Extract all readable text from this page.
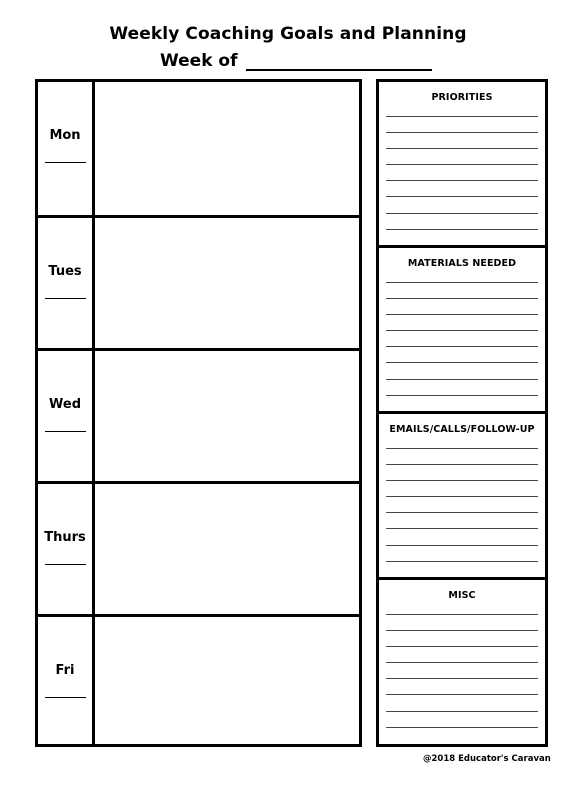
Weekly Coaching Goals and Planning
Week of
Mon
Tues
Wed
Thurs
Fri
PRIORITIES
MATERIALS NEEDED
EMAILS/CALLS/FOLLOW-UP
MISC
@2018 Educator's Caravan
